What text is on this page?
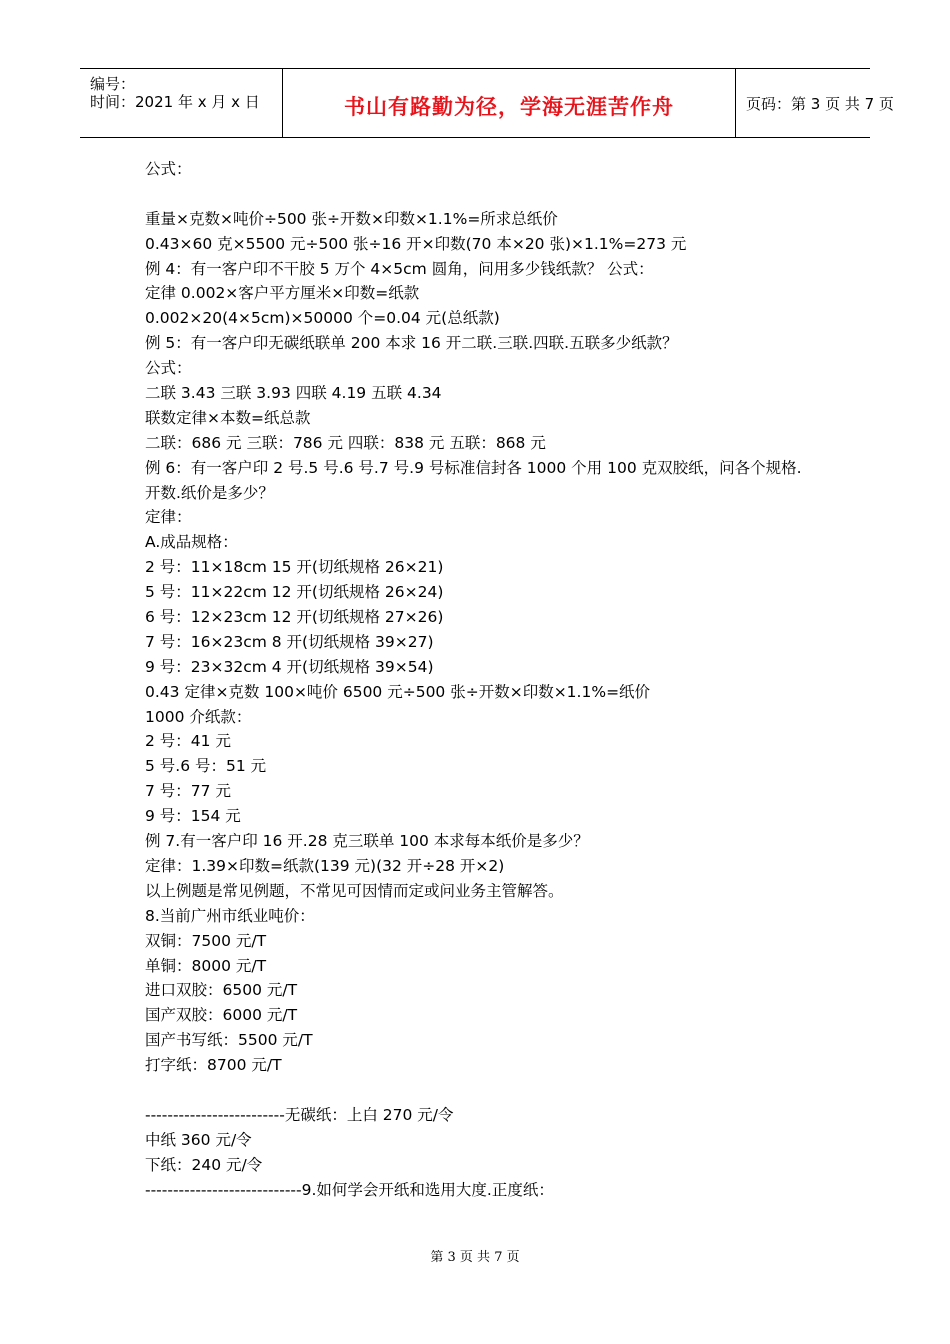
编号：
时间：2021 年 x 月 x 日	书山有路勤为径，学海无涯苦作舟	页码：第 3 页 共 7 页
公式：
重量×克数×吨价÷500 张÷开数×印数×1.1%=所求总纸价
0.43×60 克×5500 元÷500 张÷16 开×印数(70 本×20 张)×1.1%=273 元
例 4：有一客户印不干胶 5 万个 4×5cm 圆角，问用多少钱纸款？ 公式：
定律 0.002×客户平方厘米×印数=纸款
0.002×20(4×5cm)×50000 个=0.04 元(总纸款)
例 5：有一客户印无碳纸联单 200 本求 16 开二联.三联.四联.五联多少纸款？
公式：
二联 3.43 三联 3.93 四联 4.19 五联 4.34
联数定律×本数=纸总款
二联：686 元 三联：786 元 四联：838 元 五联：868 元
例 6：有一客户印 2 号.5 号.6 号.7 号.9 号标准信封各 1000 个用 100 克双胶纸，问各个规格.
开数.纸价是多少？
定律：
A.成品规格：
2 号：11×18cm 15 开(切纸规格 26×21)
5 号：11×22cm 12 开(切纸规格 26×24)
6 号：12×23cm 12 开(切纸规格 27×26)
7 号：16×23cm 8 开(切纸规格 39×27)
9 号：23×32cm 4 开(切纸规格 39×54)
0.43 定律×克数 100×吨价 6500 元÷500 张÷开数×印数×1.1%=纸价
1000 介纸款：
2 号：41 元
5 号.6 号：51 元
7 号：77 元
9 号：154 元
例 7.有一客户印 16 开.28 克三联单 100 本求每本纸价是多少？
定律：1.39×印数=纸款(139 元)(32 开÷28 开×2)
以上例题是常见例题，不常见可因情而定或问业务主管解答。
8.当前广州市纸业吨价：
双铜：7500 元/T
单铜：8000 元/T
进口双胶：6500 元/T
国产双胶：6000 元/T
国产书写纸：5500 元/T
打字纸：8700 元/T
-------------------------无碳纸：上白 270 元/令
中纸 360 元/令
下纸：240 元/令
----------------------------9.如何学会开纸和选用大度.正度纸：
第 3 页 共 7 页
